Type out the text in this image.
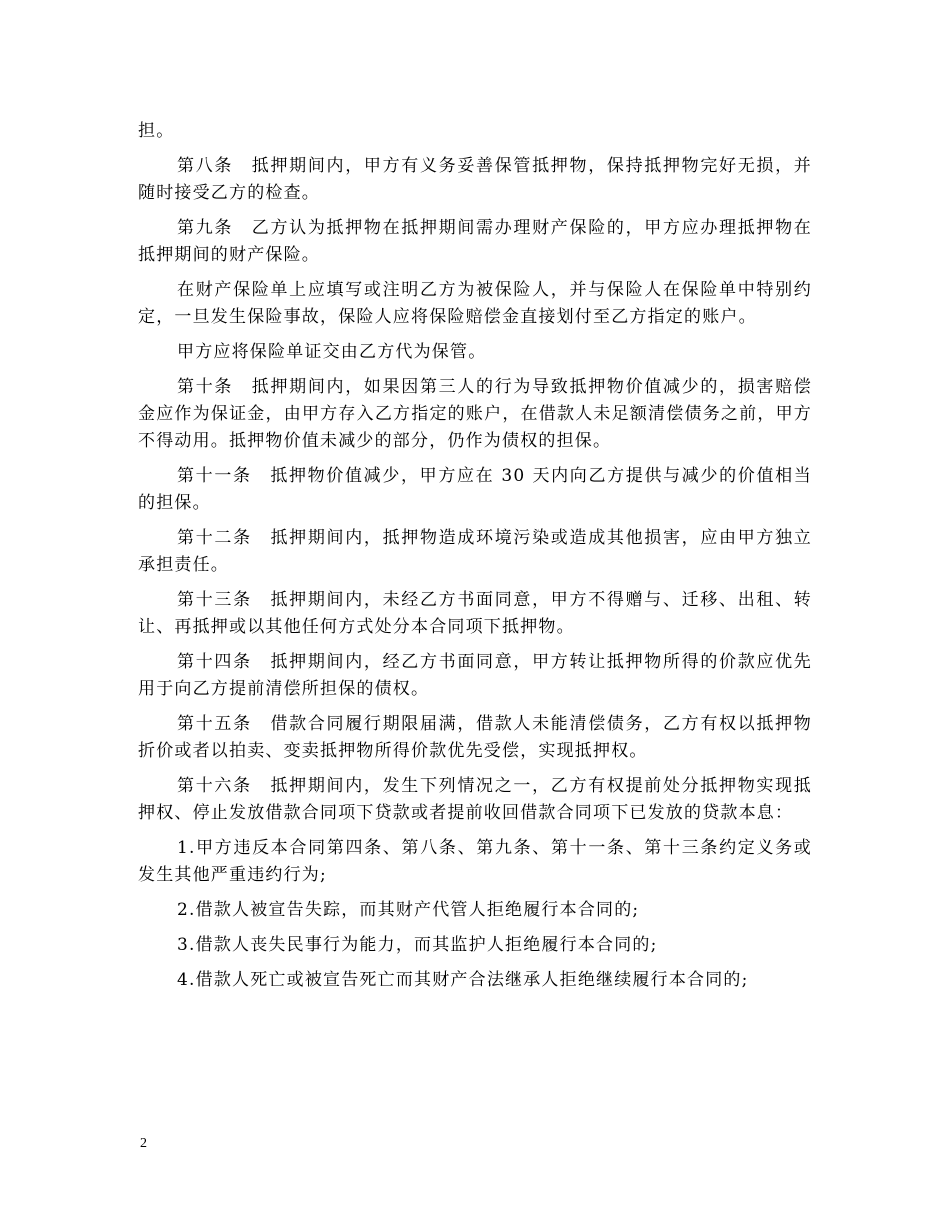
担。

第八条　抵押期间内，甲方有义务妥善保管抵押物，保持抵押物完好无损，并随时接受乙方的检查。

第九条　乙方认为抵押物在抵押期间需办理财产保险的，甲方应办理抵押物在抵押期间的财产保险。

在财产保险单上应填写或注明乙方为被保险人，并与保险人在保险单中特别约定，一旦发生保险事故，保险人应将保险赔偿金直接划付至乙方指定的账户。

甲方应将保险单证交由乙方代为保管。

第十条　抵押期间内，如果因第三人的行为导致抵押物价值减少的，损害赔偿金应作为保证金，由甲方存入乙方指定的账户，在借款人未足额清偿债务之前，甲方不得动用。抵押物价值未减少的部分，仍作为债权的担保。

第十一条　抵押物价值减少，甲方应在 30 天内向乙方提供与减少的价值相当的担保。

第十二条　抵押期间内，抵押物造成环境污染或造成其他损害，应由甲方独立承担责任。

第十三条　抵押期间内，未经乙方书面同意，甲方不得赠与、迁移、出租、转让、再抵押或以其他任何方式处分本合同项下抵押物。

第十四条　抵押期间内，经乙方书面同意，甲方转让抵押物所得的价款应优先用于向乙方提前清偿所担保的债权。

第十五条　借款合同履行期限届满，借款人未能清偿债务，乙方有权以抵押物折价或者以拍卖、变卖抵押物所得价款优先受偿，实现抵押权。

第十六条　抵押期间内，发生下列情况之一，乙方有权提前处分抵押物实现抵押权、停止发放借款合同项下贷款或者提前收回借款合同项下已发放的贷款本息：

1.甲方违反本合同第四条、第八条、第九条、第十一条、第十三条约定义务或发生其他严重违约行为;

2.借款人被宣告失踪，而其财产代管人拒绝履行本合同的;

3.借款人丧失民事行为能力，而其监护人拒绝履行本合同的;

4.借款人死亡或被宣告死亡而其财产合法继承人拒绝继续履行本合同的;

2
